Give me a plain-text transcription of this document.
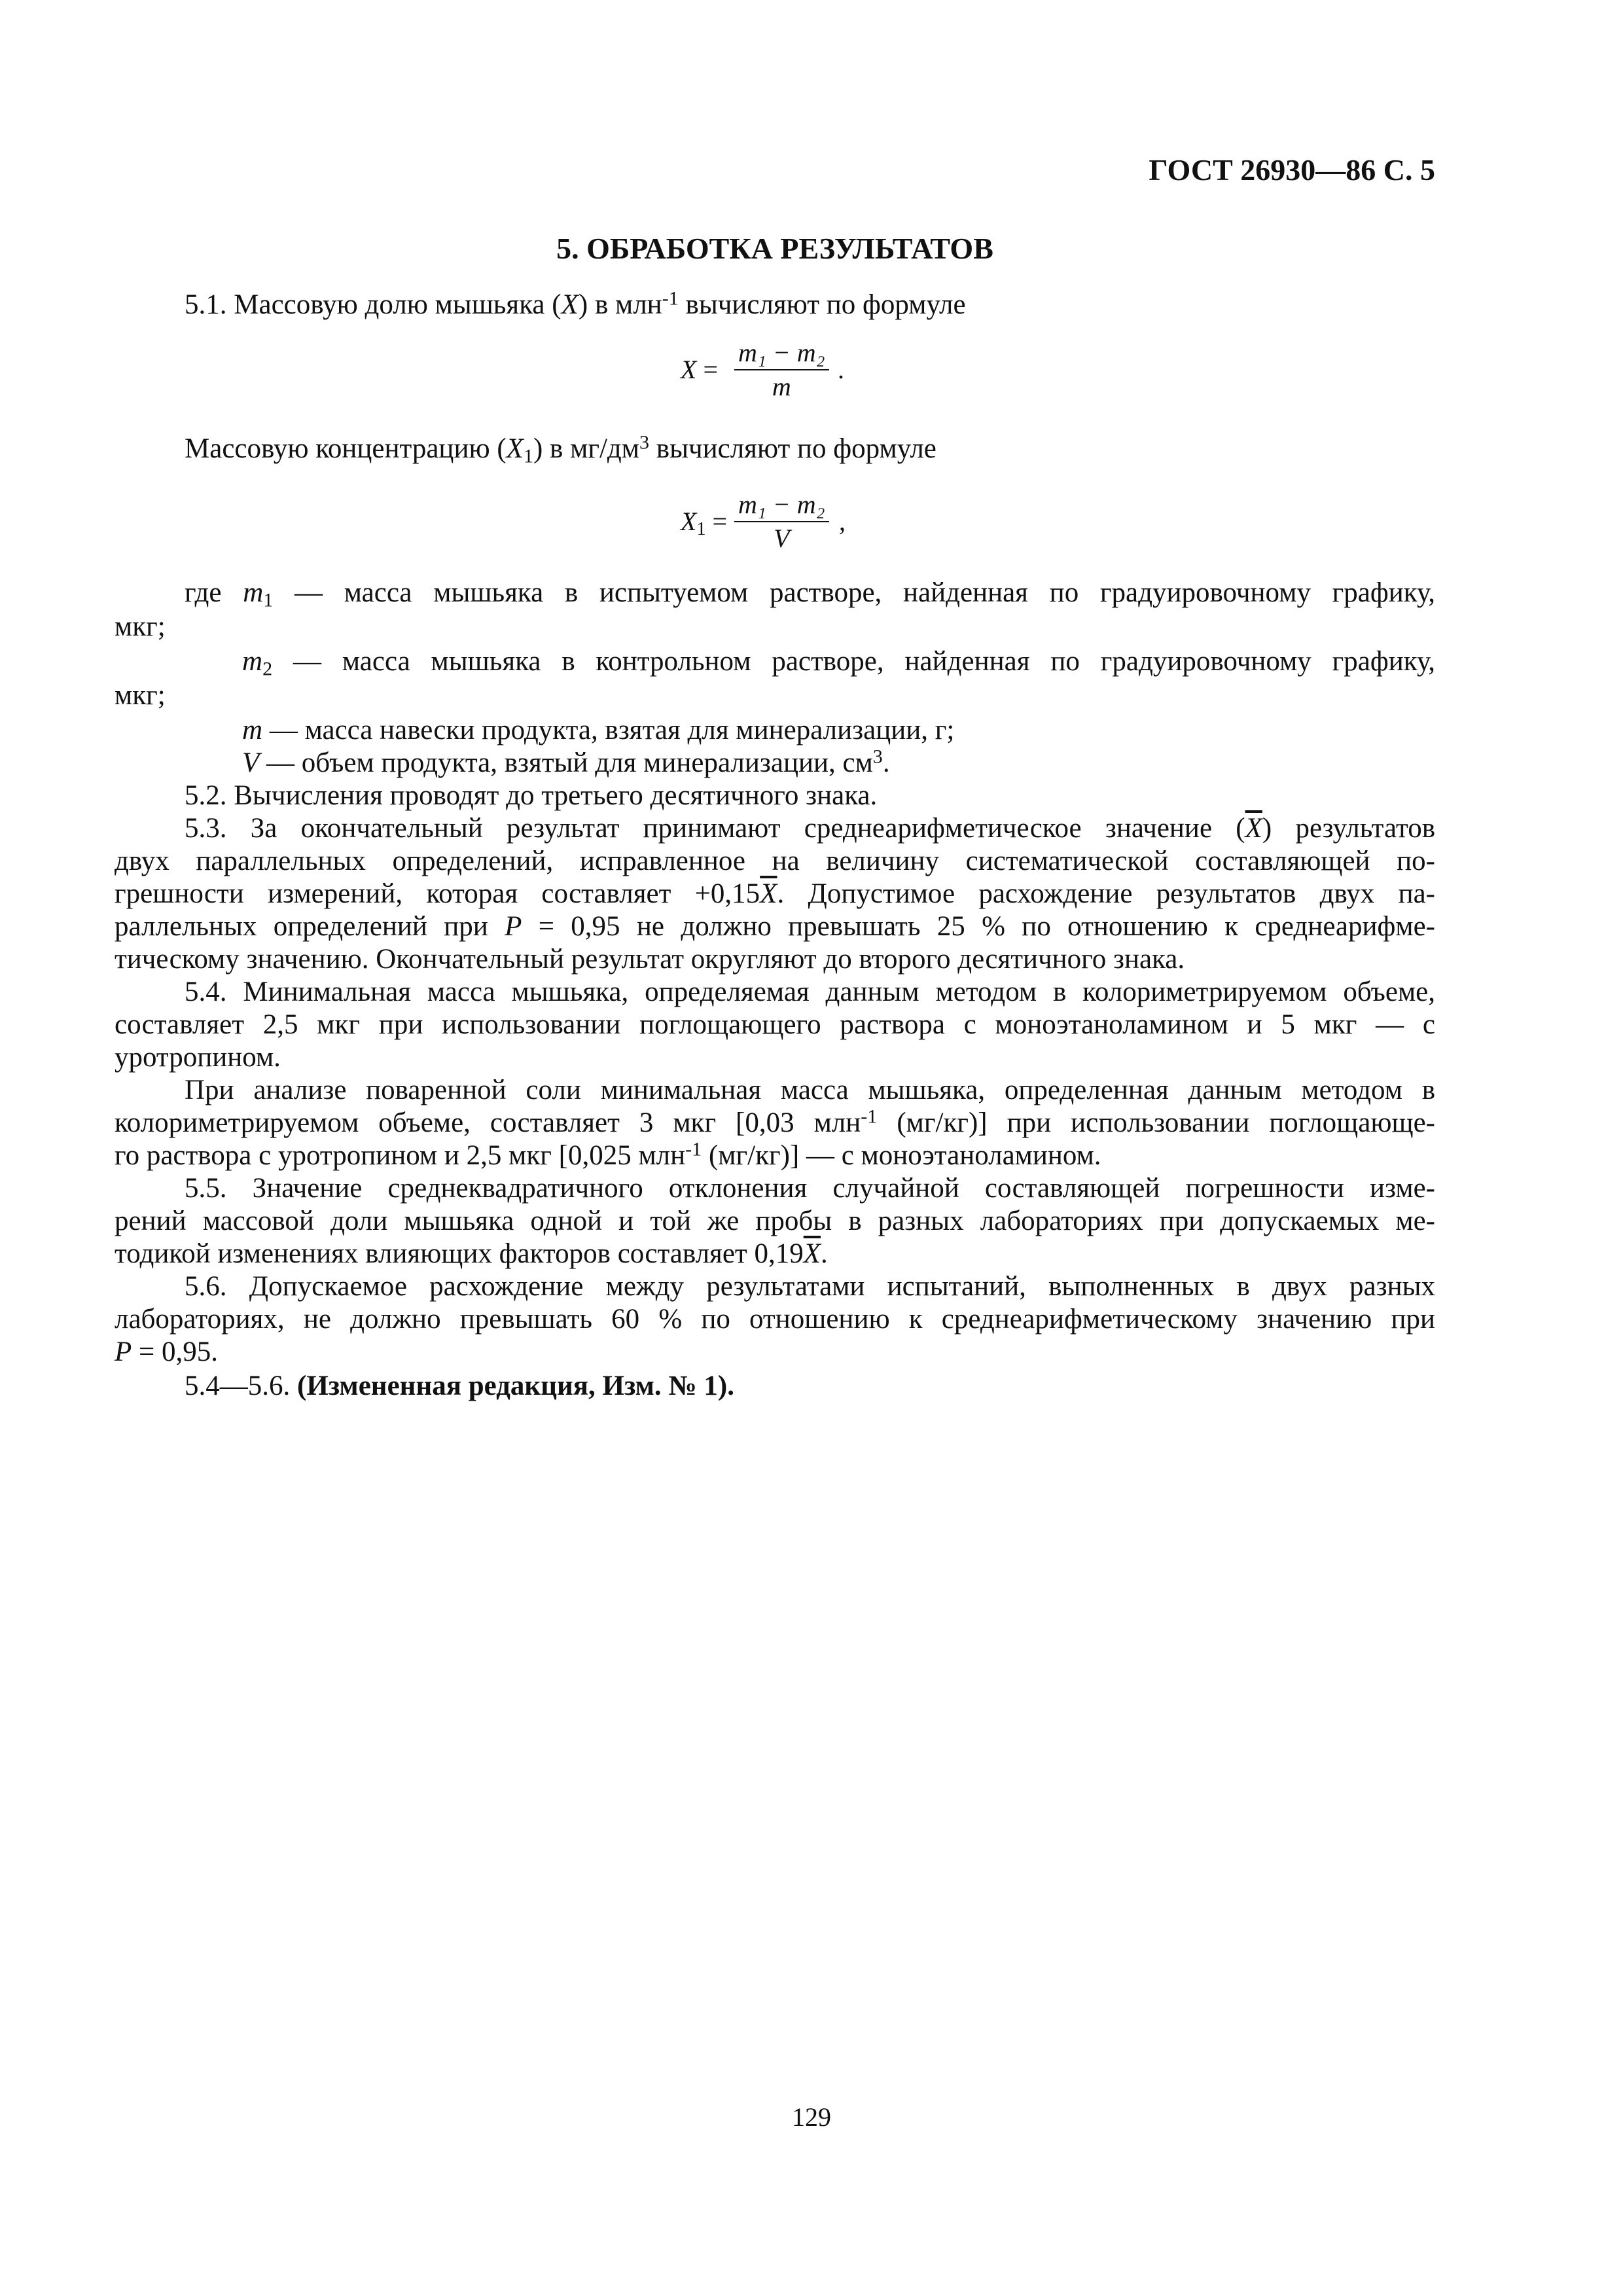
ГОСТ 26930—86 С. 5
5. ОБРАБОТКА РЕЗУЛЬТАТОВ
5.1. Массовую долю мышьяка (X) в млн$^{-1}$ вычисляют по формуле
$X = \frac{\text{m₁ − m₂}}{m}$ .
Массовую концентрацию $(X_1)$ в $мг/дм^3$ вычисляют по формуле
$X_1 = \frac{\text{m₁ − m₂}}{V}$ ,
где $m_1$ — масса мышьяка в испытуемом растворе, найденная по градуировочному графику,
мкг;
$m_2$ — масса мышьяка в контрольном растворе, найденная по градуировочному графику,
мкг;
m — масса навески продукта, взятая для минерализации, г;
V — объем продукта, взятый для минерализации, $см^3$.
5.2. Вычисления проводят до третьего десятичного знака.
5.3. За окончательный результат принимают среднеарифметическое значение $(\overline{X})$ результатов
двух параллельных определений, исправленное на величину систематической составляющей по-
грешности измерений, которая составляет $+0,15\overline{X}$. Допустимое расхождение результатов двух па-
раллельных определений при P = 0,95 не должно превышать 25 % по отношению к среднеарифме-
тическому значению. Окончательный результат округляют до второго десятичного знака.
5.4. Минимальная масса мышьяка, определяемая данным методом в колориметрируемом объеме,
составляет 2,5 мкг при использовании поглощающего раствора с моноэтаноламином и 5 мкг — с
уротропином.
При анализе поваренной соли минимальная масса мышьяка, определенная данным методом в
колориметрируемом объеме, составляет 3 мкг [0,03 млн$^{-1}$ (мг/кг)] при использовании поглощающе-
го раствора с уротропином и 2,5 мкг [0,025 млн$^{-1}$ (мг/кг)] — с моноэтаноламином.
5.5. Значение среднеквадратичного отклонения случайной составляющей погрешности изме-
рений массовой доли мышьяка одной и той же пробы в разных лабораториях при допускаемых ме-
тодикой изменениях влияющих факторов составляет $0,19\overline{X}$.
5.6. Допускаемое расхождение между результатами испытаний, выполненных в двух разных
лабораториях, не должно превышать 60 % по отношению к среднеарифметическому значению при
P = 0,95.
5.4—5.6. (Измененная редакция, Изм. № 1).
129
